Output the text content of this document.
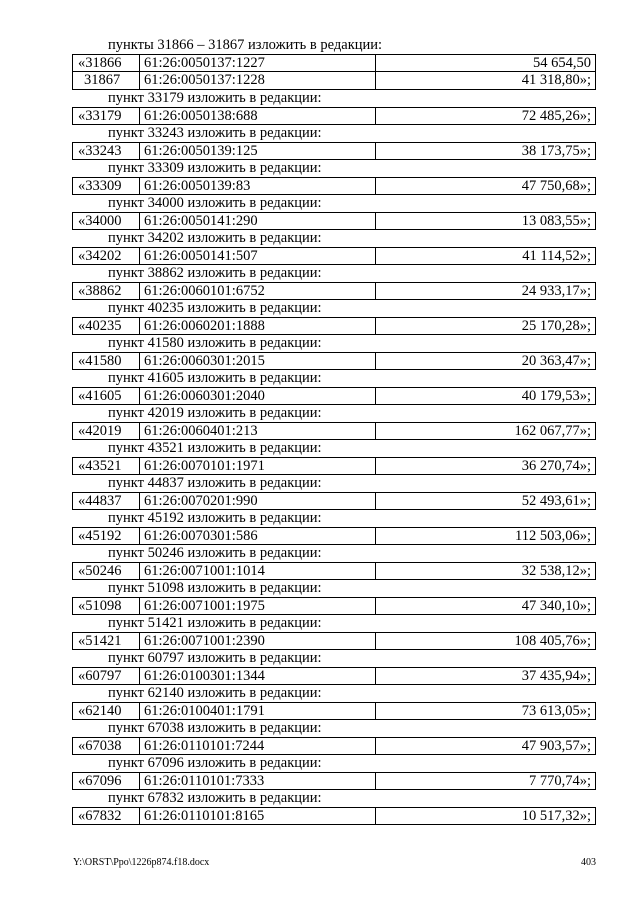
пункты 31866 – 31867 изложить в редакции:
«31866	61:26:0050137:1227	54 654,50
31867	61:26:0050137:1228	41 318,80»;
пункт 33179 изложить в редакции:
«33179	61:26:0050138:688	72 485,26»;
пункт 33243 изложить в редакции:
«33243	61:26:0050139:125	38 173,75»;
пункт 33309 изложить в редакции:
«33309	61:26:0050139:83	47 750,68»;
пункт 34000 изложить в редакции:
«34000	61:26:0050141:290	13 083,55»;
пункт 34202 изложить в редакции:
«34202	61:26:0050141:507	41 114,52»;
пункт 38862 изложить в редакции:
«38862	61:26:0060101:6752	24 933,17»;
пункт 40235 изложить в редакции:
«40235	61:26:0060201:1888	25 170,28»;
пункт 41580 изложить в редакции:
«41580	61:26:0060301:2015	20 363,47»;
пункт 41605 изложить в редакции:
«41605	61:26:0060301:2040	40 179,53»;
пункт 42019 изложить в редакции:
«42019	61:26:0060401:213	162 067,77»;
пункт 43521 изложить в редакции:
«43521	61:26:0070101:1971	36 270,74»;
пункт 44837 изложить в редакции:
«44837	61:26:0070201:990	52 493,61»;
пункт 45192 изложить в редакции:
«45192	61:26:0070301:586	112 503,06»;
пункт 50246 изложить в редакции:
«50246	61:26:0071001:1014	32 538,12»;
пункт 51098 изложить в редакции:
«51098	61:26:0071001:1975	47 340,10»;
пункт 51421 изложить в редакции:
«51421	61:26:0071001:2390	108 405,76»;
пункт 60797 изложить в редакции:
«60797	61:26:0100301:1344	37 435,94»;
пункт 62140 изложить в редакции:
«62140	61:26:0100401:1791	73 613,05»;
пункт 67038 изложить в редакции:
«67038	61:26:0110101:7244	47 903,57»;
пункт 67096 изложить в редакции:
«67096	61:26:0110101:7333	7 770,74»;
пункт 67832 изложить в редакции:
«67832	61:26:0110101:8165	10 517,32»;
Y:\ORST\Ppo\1226p874.f18.docx	403
